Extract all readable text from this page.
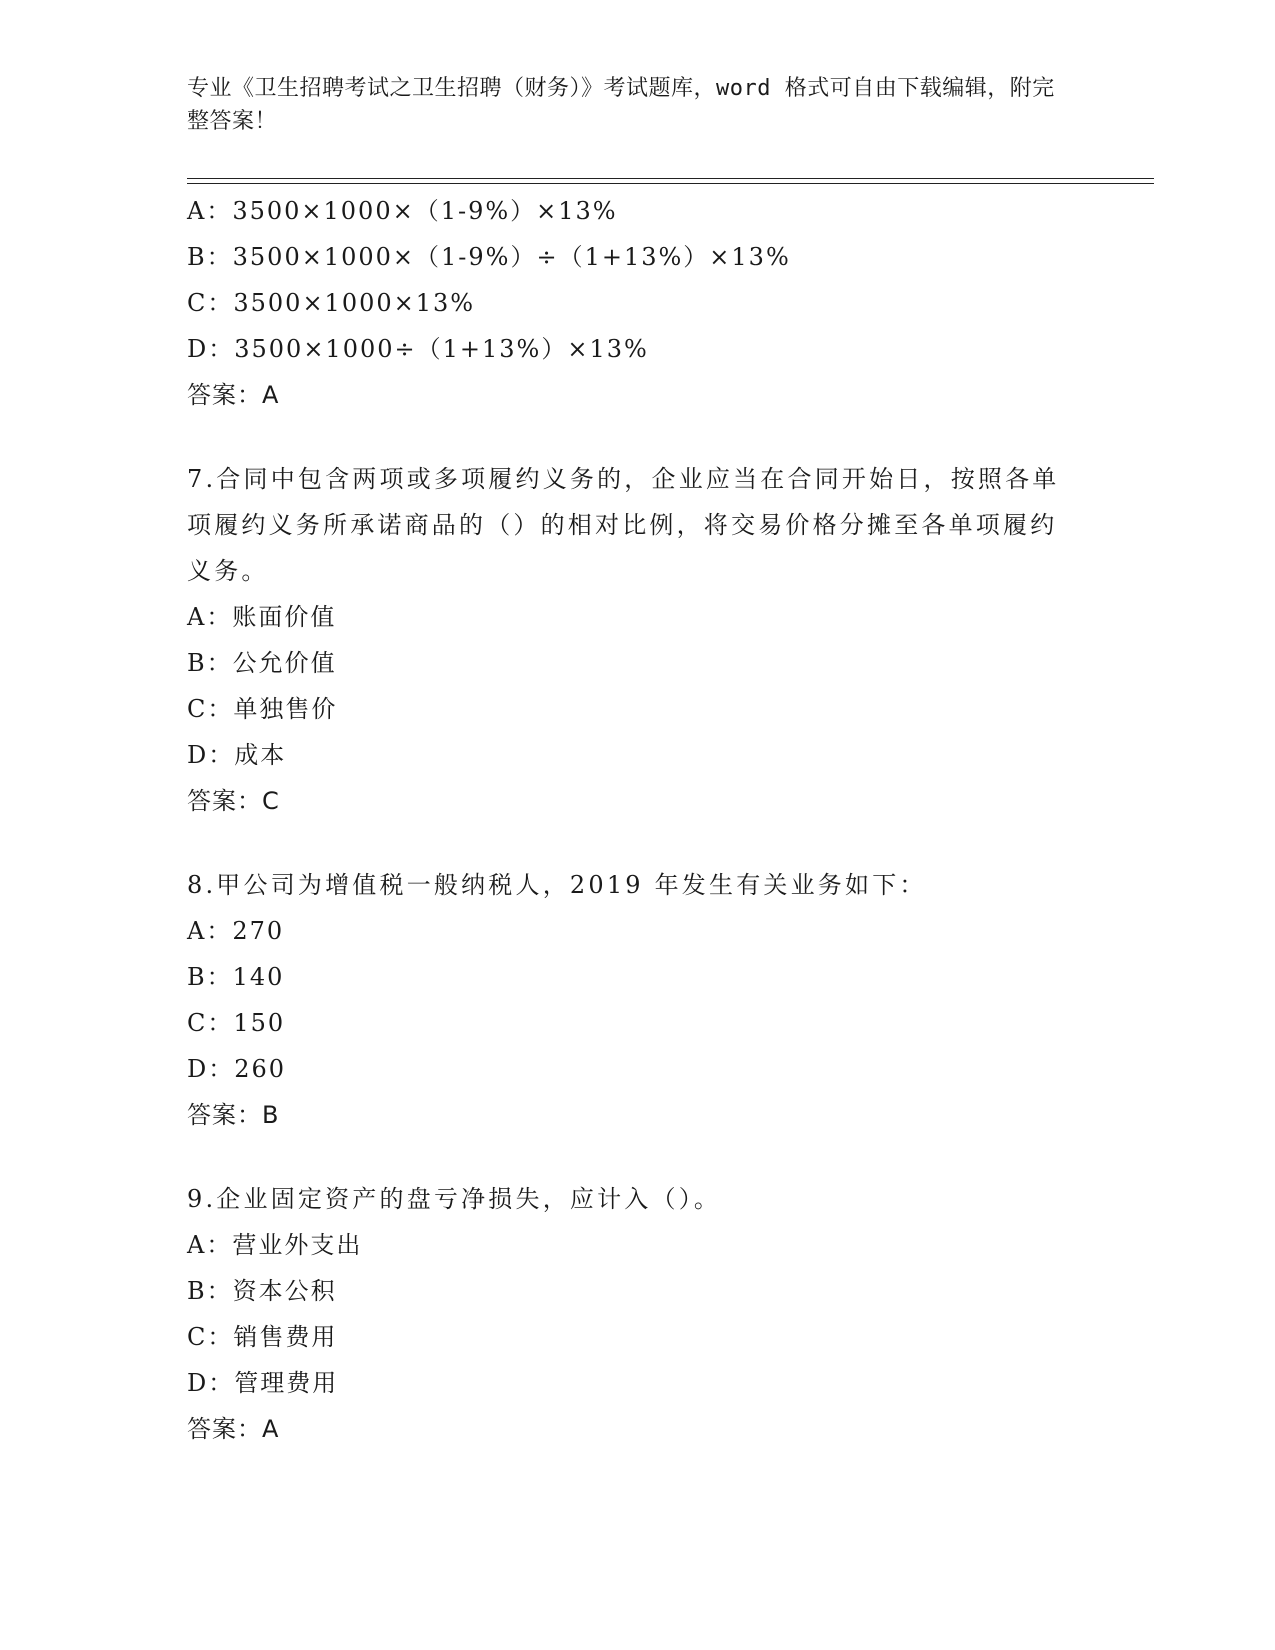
专业《卫生招聘考试之卫生招聘（财务）》考试题库，word 格式可自由下载编辑，附完整答案！
A：3500×1000×（1-9%）×13%
B：3500×1000×（1-9%）÷（1+13%）×13%
C：3500×1000×13%
D：3500×1000÷（1+13%）×13%
答案：A
7.合同中包含两项或多项履约义务的，企业应当在合同开始日，按照各单项履约义务所承诺商品的（）的相对比例，将交易价格分摊至各单项履约义务。
A：账面价值
B：公允价值
C：单独售价
D：成本
答案：C
8.甲公司为增值税一般纳税人，2019 年发生有关业务如下：
A：270
B：140
C：150
D：260
答案：B
9.企业固定资产的盘亏净损失，应计入（）。
A：营业外支出
B：资本公积
C：销售费用
D：管理费用
答案：A
